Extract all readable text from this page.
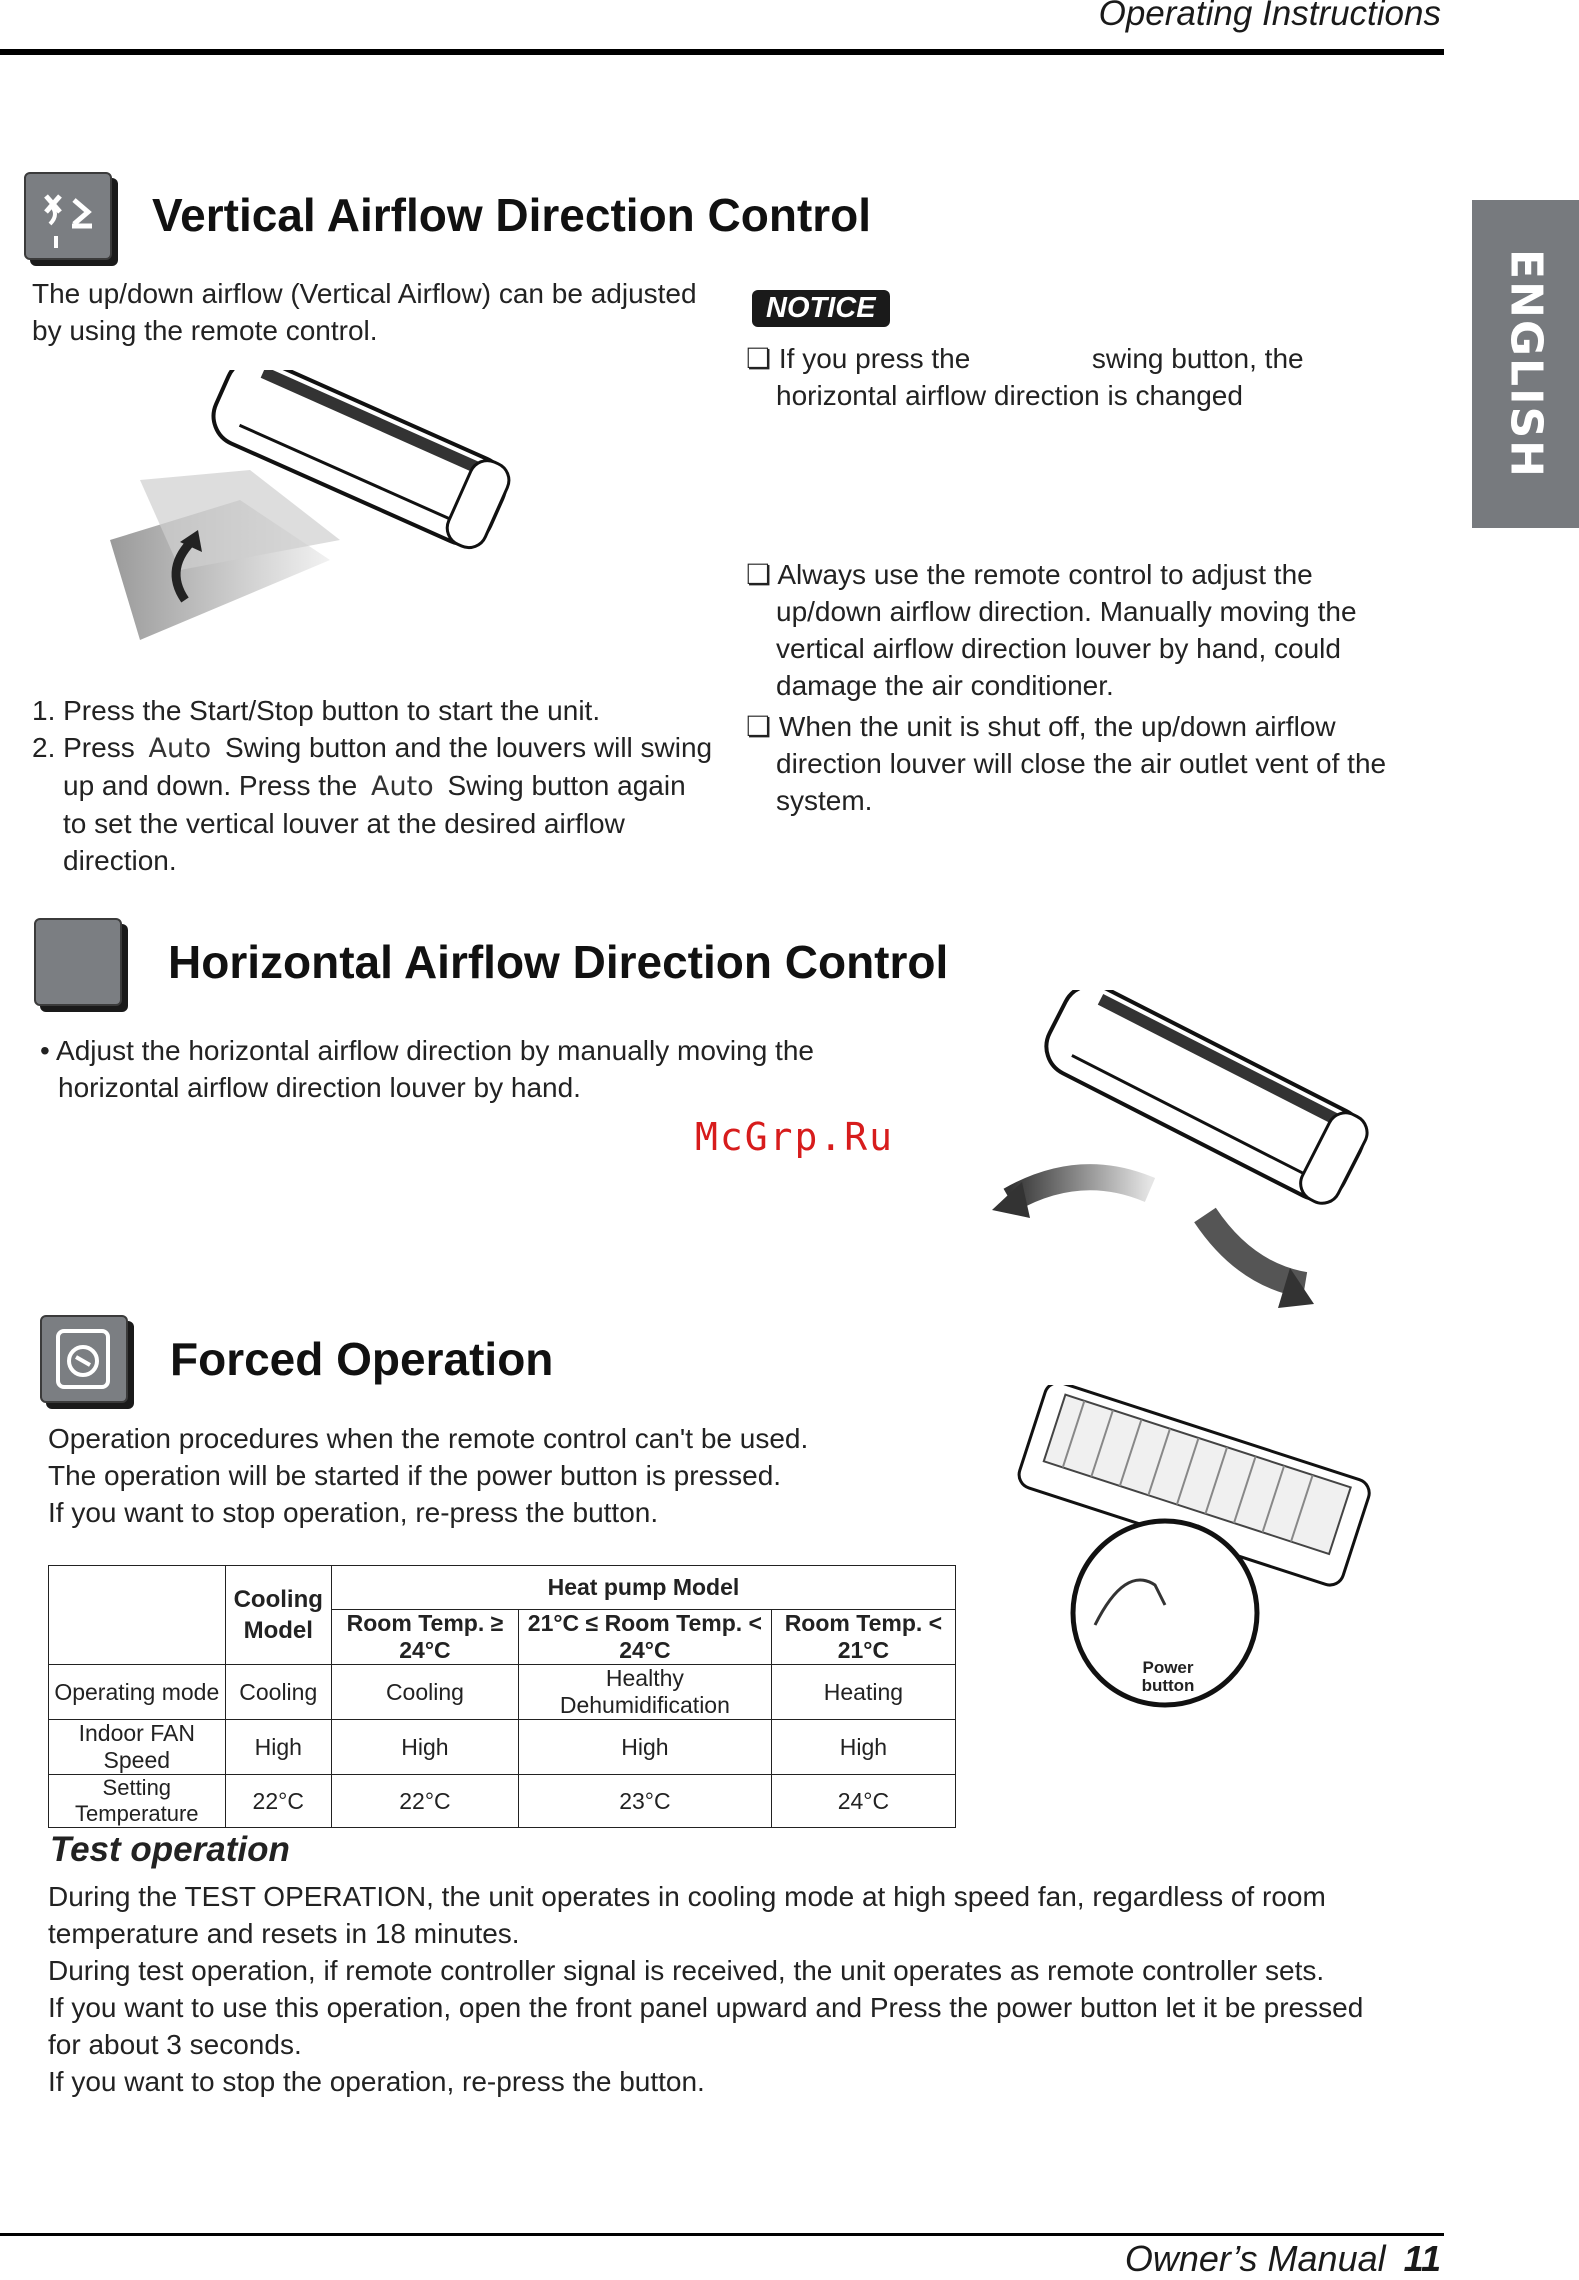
Operating Instructions
ENGLISH
Vertical Airflow Direction Control
The up/down airflow (Vertical Airflow) can be adjusted
by using the remote control.
1. Press the Start/Stop button to start the unit.
2. Press Auto Swing button and the louvers will swing
up and down. Press the Auto Swing button again
to set the vertical louver at the desired airflow
direction.
NOTICE

❏ If you press the	swing button, the
horizontal airflow direction is changed

❏ Always use the remote control to adjust the
up/down airflow direction. Manually moving the
vertical airflow direction louver by hand, could
damage the air conditioner.

❏ When the unit is shut off, the up/down airflow
direction louver will close the air outlet vent of the
system.

Horizontal Airflow Direction Control
• Adjust the horizontal airflow direction by manually moving the
horizontal airflow direction louver by hand.
McGrp.Ru
Forced Operation
Operation procedures when the remote control can't be used.
The operation will be started if the power button is pressed.
If you want to stop operation, re-press the button.
Power
button
	Cooling Model	Heat pump Model		
		Room Temp. ≥ 24°C	21°C ≤ Room Temp. < 24°C	Room Temp. < 21°C
Operating mode	Cooling	Cooling	Healthy Dehumidification	Heating
Indoor FAN Speed	High	High	High	High
Setting Temperature	22°C	22°C	23°C	24°C
Test operation
During the TEST OPERATION, the unit operates in cooling mode at high speed fan, regardless of room
temperature and resets in 18 minutes.
During test operation, if remote controller signal is received, the unit operates as remote controller sets.
If you want to use this operation, open the front panel upward and Press the power button let it be pressed
for about 3 seconds.
If you want to stop the operation, re-press the button.
Owner’s Manual 11
